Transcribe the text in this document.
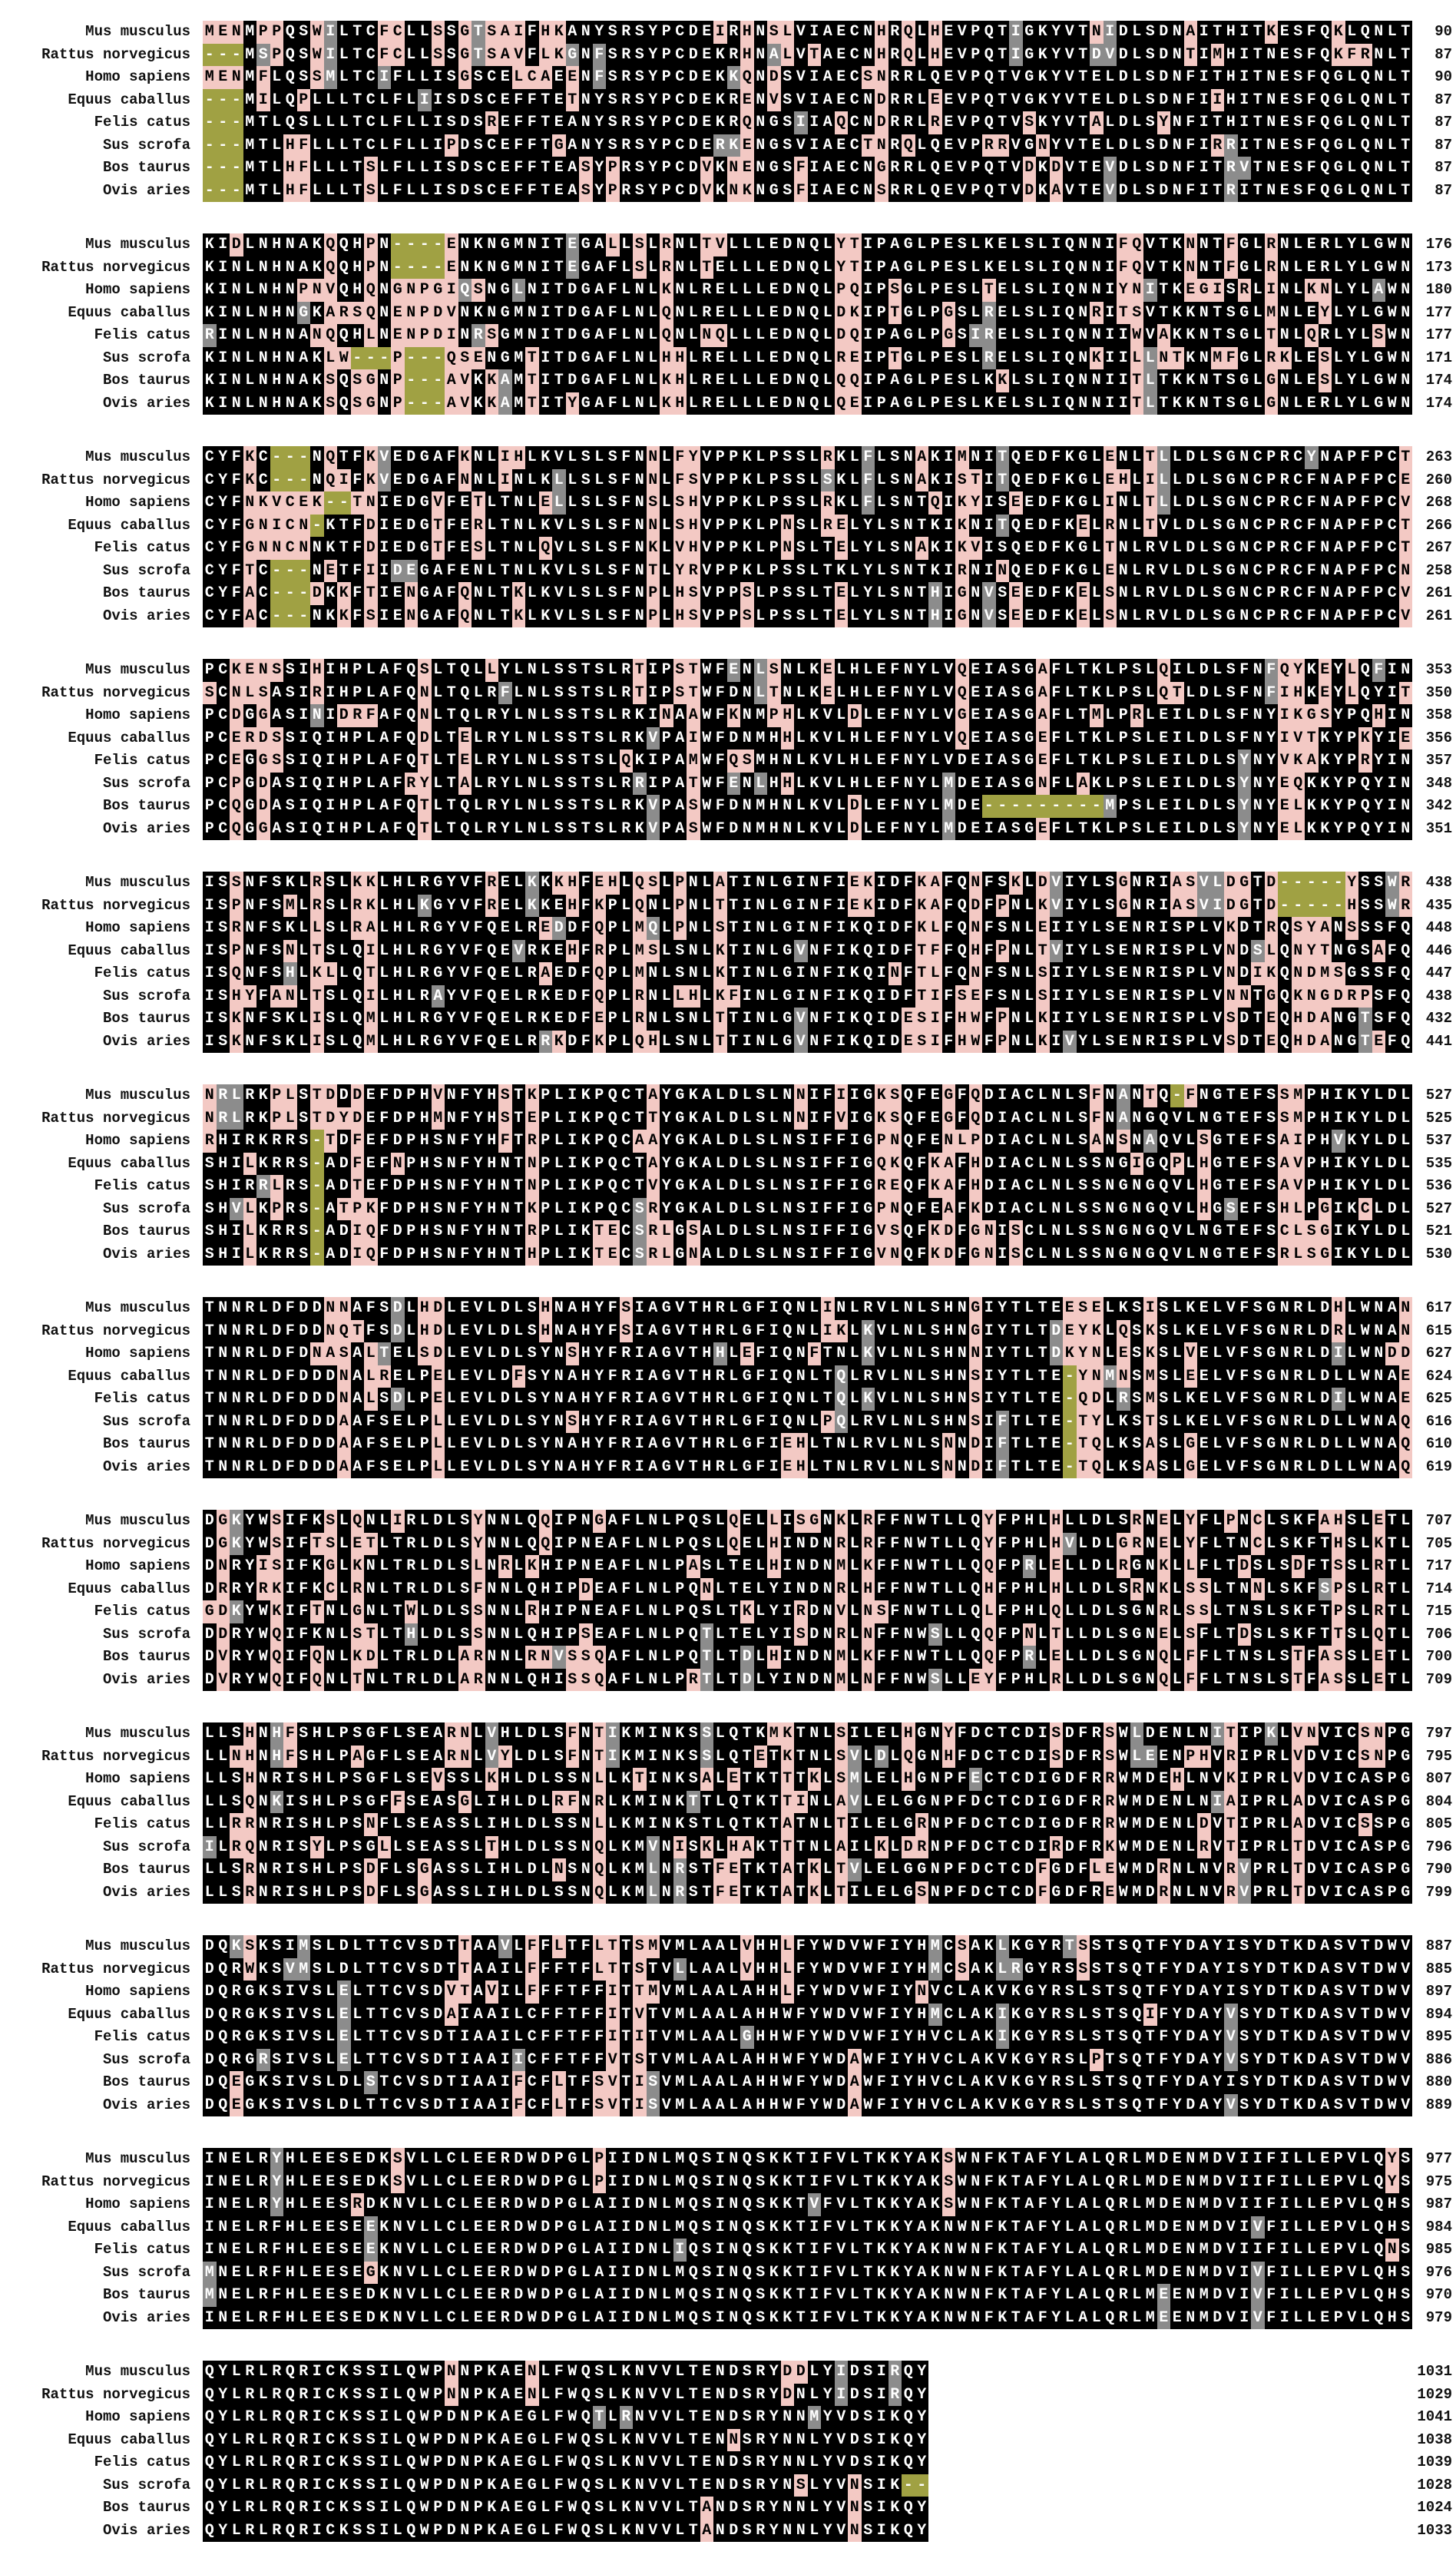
Mus musculus M E N M P P Q S W I L T C F C L L S S G T S A I F H K A N Y S R S Y P C D E I R H N S L V I A E C N H R Q L H E V P Q T I G K Y V T N I D L S D N A I T H I T K E S F Q K L Q N L T	90
Rattus norvegicus - - - M S P Q S W I L T C F C L L S S G T S A V F L K G N F S R S Y P C D E K R H N A L V T A E C N H R Q L H E V P Q T I G K Y V T D V D L S D N T I M H I T N E S F Q K F R N L T	87
Homo sapiens M E N M F L Q S S M L T C I F L L I S G S C E L C A E E N F S R S Y P C D E K K Q N D S V I A E C S N R R L Q E V P Q T V G K Y V T E L D L S D N F I T H I T N E S F Q G L Q N L T	90
Equus caballus - - - M I L Q P L L L T C L F L I I S D S C E F F T E T N Y S R S Y P C D E K R E N V S V I A E C N D R R L E E V P Q T V G K Y V T E L D L S D N F I I H I T N E S F Q G L Q N L T	87
Felis catus - - - M T L Q S L L L T C L F L L I S D S R E F F T E A N Y S R S Y P C D E K R Q N G S I I A Q C N D R R L R E V P Q T V S K Y V T A L D L S Y N F I T H I T N E S F Q G L Q N L T	87
Sus scrofa - - - M T L H F L L L T C L F L L I P D S C E F F T G A N Y S R S Y P C D E R K E N G S V I A E C T N R Q L Q E V P R R V G N Y V T E L D L S D N F I R R I T N E S F Q G L Q N L T	87
Bos taurus - - - M T L H F L L L T S L F L L I S D S C E F F T E A S Y P R S Y P C D V K N E N G S F I A E C N G R R L Q E V P Q T V D K D V T E V D L S D N F I T R V T N E S F Q G L Q N L T	87
Ovis aries - - - M T L H F L L L T S L F L L I S D S C E F F T E A S Y P R S Y P C D V K N K N G S F I A E C N S R R L Q E V P Q T V D K A V T E V D L S D N F I T R I T N E S F Q G L Q N L T	87
Mus musculus K I D L N H N A K Q Q H P N - - - - E N K N G M N I T E G A L L S L R N L T V L L L E D N Q L Y T I P A G L P E S L K E L S L I Q N N I F Q V T K N N T F G L R N L E R L Y L G W N	176
Rattus norvegicus K I N L N H N A K Q Q H P N - - - - E N K N G M N I T E G A F L S L R N L T E L L L E D N Q L Y T I P A G L P E S L K E L S L I Q N N I F Q V T K N N T F G L R N L E R L Y L G W N	173
Homo sapiens K I N L N H N P N V Q H Q N G N P G I Q S N G L N I T D G A F L N L K N L R E L L L E D N Q L P Q I P S G L P E S L T E L S L I Q N N I Y N I T K E G I S R L I N L K N L Y L A W N	180
Equus caballus K I N L N H N G K A R S Q N E N P D V N K N G M N I T D G A F L N L Q N L R E L L L E D N Q L D K I P T G L P G S L R E L S L I Q N R I T S V T K K N T S G L M N L E Y L Y L G W N	177
Felis catus R I N L N H N A N Q Q H L N E N P D I N R S G M N I T D G A F L N L Q N L N Q L L L E D N Q L D Q I P A G L P G S I R E L S L I Q N N I I W V A K K N T S G L T N L Q R L Y L S W N	177
Sus scrofa K I N L N H N A K L W - - - P - - - Q S E N G M T I T D G A F L N L H H L R E L L L E D N Q L R E I P T G L P E S L R E L S L I Q N K I I L L N T K N M F G L R K L E S L Y L G W N	171
Bos taurus K I N L N H N A K S Q S G N P - - - A V K K A M T I T D G A F L N L K H L R E L L L E D N Q L Q Q I P A G L P E S L K K L S L I Q N N I I T L T K K N T S G L G N L E S L Y L G W N	174
Ovis aries K I N L N H N A K S Q S G N P - - - A V K K A M T I T Y G A F L N L K H L R E L L L E D N Q L Q E I P A G L P E S L K E L S L I Q N N I I T L T K K N T S G L G N L E R L Y L G W N	174
Mus musculus C Y F K C - - - N Q T F K V E D G A F K N L I H L K V L S L S F N N L F Y V P P K L P S S L R K L F L S N A K I M N I T Q E D F K G L E N L T L L D L S G N C P R C Y N A P F P C T	263
Rattus norvegicus C Y F K C - - - N Q I F K V E D G A F N N L I N L K L L S L S F N N L F S V P P K L P S S L S K L F L S N A K I S T I T Q E D F K G L E H L I L L D L S G N C P R C F N A P F P C E	260
Homo sapiens C Y F N K V C E K - - T N I E D G V F E T L T N L E L L S L S F N S L S H V P P K L P S S L R K L F L S N T Q I K Y I S E E D F K G L I N L T L L D L S G N C P R C F N A P F P C V	268
Equus caballus C Y F G N I C N - K T F D I E D G T F E R L T N L K V L S L S F N N L S H V P P K L P N S L R E L Y L S N T K I K N I T Q E D F K E L R N L T V L D L S G N C P R C F N A P F P C T	266
Felis catus C Y F G N N C N N K T F D I E D G T F E S L T N L Q V L S L S F N K L V H V P P K L P N S L T E L Y L S N A K I K V I S Q E D F K G L T N L R V L D L S G N C P R C F N A P F P C T	267
Sus scrofa C Y F T C - - - N E T F I I D E G A F E N L T N L K V L S L S F N T L Y R V P P K L P S S L T K L Y L S N T K I R N I N Q E D F K G L E N L R V L D L S G N C P R C F N A P F P C N	258
Bos taurus C Y F A C - - - D K K F T I E N G A F Q N L T K L K V L S L S F N P L H S V P P S L P S S L T E L Y L S N T H I G N V S E E D F K E L S N L R V L D L S G N C P R C F N A P F P C V	261
Ovis aries C Y F A C - - - N K K F S I E N G A F Q N L T K L K V L S L S F N P L H S V P P S L P S S L T E L Y L S N T H I G N V S E E D F K E L S N L R V L D L S G N C P R C F N A P F P C V	261
Mus musculus P C K E N S S I H I H P L A F Q S L T Q L L Y L N L S S T S L R T I P S T W F E N L S N L K E L H L E F N Y L V Q E I A S G A F L T K L P S L Q I L D L S F N F Q Y K E Y L Q F I N	353
Rattus norvegicus S C N L S A S I R I H P L A F Q N L T Q L R F L N L S S T S L R T I P S T W F D N L T N L K E L H L E F N Y L V Q E I A S G A F L T K L P S L Q T L D L S F N F I H K E Y L Q Y I T	350
Homo sapiens P C D G G A S I N I D R F A F Q N L T Q L R Y L N L S S T S L R K I N A A W F K N M P H L K V L D L E F N Y L V G E I A S G A F L T M L P R L E I L D L S F N Y I K G S Y P Q H I N	358
Equus caballus P C E R D S S I Q I H P L A F Q D L T E L R Y L N L S S T S L R K V P A I W F D N M H H L K V L H L E F N Y L V Q E I A S G E F L T K L P S L E I L D L S F N Y I V T K Y P K Y I E	356
Felis catus P C E G G S S I Q I H P L A F Q T L T E L R Y L N L S S T S L Q K I P A M W F Q S M H N L K V L H L E F N Y L V D E I A S G E F L T K L P S L E I L D L S Y N Y V K A K Y P R Y I N	357
Sus scrofa P C P G D A S I Q I H P L A F R Y L T A L R Y L N L S S T S L R R I P A T W F E N L H H L K V L H L E F N Y L M D E I A S G N F L A K L P S L E I L D L S Y N Y E Q K K Y P Q Y I N	348
Bos taurus P C Q G D A S I Q I H P L A F Q T L T Q L R Y L N L S S T S L R K V P A S W F D N M H N L K V L D L E F N Y L M D E - - - - - - - - - M P S L E I L D L S Y N Y E L K K Y P Q Y I N	342
Ovis aries P C Q G G A S I Q I H P L A F Q T L T Q L R Y L N L S S T S L R K V P A S W F D N M H N L K V L D L E F N Y L M D E I A S G E F L T K L P S L E I L D L S Y N Y E L K K Y P Q Y I N	351
Mus musculus I S S N F S K L R S L K K L H L R G Y V F R E L K K K H F E H L Q S L P N L A T I N L G I N F I E K I D F K A F Q N F S K L D V I Y L S G N R I A S V L D G T D - - - - - Y S S W R	438
Rattus norvegicus I S P N F S M L R S L R K L H L K G Y V F R E L K K E H F K P L Q N L P N L T T I N L G I N F I E K I D F K A F Q D F P N L K V I Y L S G N R I A S V I D G T D - - - - - H S S W R	435
Homo sapiens I S R N F S K L L S L R A L H L R G Y V F Q E L R E D D F Q P L M Q L P N L S T I N L G I N F I K Q I D F K L F Q N F S N L E I I Y L S E N R I S P L V K D T R Q S Y A N S S S F Q	448
Equus caballus I S P N F S N L T S L Q I L H L R G Y V F Q E V R K E H F R P L M S L S N L K T I N L G V N F I K Q I D F T F F Q H F P N L T V I Y L S E N R I S P L V N D S L Q N Y T N G S A F Q	446
Felis catus I S Q N F S H L K L L Q T L H L R G Y V F Q E L R A E D F Q P L M N L S N L K T I N L G I N F I K Q I N F T L F Q N F S N L S I I Y L S E N R I S P L V N D I K Q N D M S G S S F Q	447
Sus scrofa I S H Y F A N L T S L Q I L H L R A Y V F Q E L R K E D F Q P L R N L L H L K F I N L G I N F I K Q I D F T I F S E F S N L S I I Y L S E N R I S P L V N N T G Q K N G D R P S F Q	438
Bos taurus I S K N F S K L I S L Q M L H L R G Y V F Q E L R K E D F E P L R N L S N L T T I N L G V N F I K Q I D E S I F H W F P N L K I I Y L S E N R I S P L V S D T E Q H D A N G T S F Q	432
Ovis aries I S K N F S K L I S L Q M L H L R G Y V F Q E L R R K D F K P L Q H L S N L T T I N L G V N F I K Q I D E S I F H W F P N L K I V Y L S E N R I S P L V S D T E Q H D A N G T E F Q	441
Mus musculus N R L R K P L S T D D D E F D P H V N F Y H S T K P L I K P Q C T A Y G K A L D L S L N N I F I I G K S Q F E G F Q D I A C L N L S F N A N T Q - F N G T E F S S M P H I K Y L D L	527
Rattus norvegicus N R L R K P L S T D Y D E F D P H M N F Y H S T E P L I K P Q C T T Y G K A L D L S L N N I F V I G K S Q F E G F Q D I A C L N L S F N A N G Q V L N G T E F S S M P H I K Y L D L	525
Homo sapiens R H I R K R R S - T D F E F D P H S N F Y H F T R P L I K P Q C A A Y G K A L D L S L N S I F F I G P N Q F E N L P D I A C L N L S A N S N A Q V L S G T E F S A I P H V K Y L D L	537
Equus caballus S H I L K R R S - A D F E F N P H S N F Y H N T N P L I K P Q C T A Y G K A L D L S L N S I F F I G Q K Q F K A F H D I A C L N L S S N G I G Q P L H G T E F S A V P H I K Y L D L	535
Felis catus S H I R R L R S - A D T E F D P H S N F Y H N T N P L I K P Q C T V Y G K A L D L S L N S I F F I G R E Q F K A F H D I A C L N L S S N G N G Q V L H G T E F S A V P H I K Y L D L	536
Sus scrofa S H V L K P R S - A T P K F D P H S N F Y H N T K P L I K P Q C S R Y G K A L D L S L N S I F F I G P N Q F E A F K D I A C L N L S S N G N G Q V L H G S E F S H L P G I K C L D L	527
Bos taurus S H I L K R R S - A D I Q F D P H S N F Y H N T R P L I K T E C S R L G S A L D L S L N S I F F I G V S Q F K D F G N I S C L N L S S N G N G Q V L N G T E F S C L S G I K Y L D L	521
Ovis aries S H I L K R R S - A D I Q F D P H S N F Y H N T H P L I K T E C S R L G N A L D L S L N S I F F I G V N Q F K D F G N I S C L N L S S N G N G Q V L N G T E F S R L S G I K Y L D L	530
Mus musculus T N N R L D F D D N N A F S D L H D L E V L D L S H N A H Y F S I A G V T H R L G F I Q N L I N L R V L N L S H N G I Y T L T E E S E L K S I S L K E L V F S G N R L D H L W N A N	617
Rattus norvegicus T N N R L D F D D N Q T F S D L H D L E V L D L S H N A H Y F S I A G V T H R L G F I Q N L I K L K V L N L S H N G I Y T L T D E Y K L Q S K S L K E L V F S G N R L D R L W N A N	615
Homo sapiens T N N R L D F D N A S A L T E L S D L E V L D L S Y N S H Y F R I A G V T H H L E F I Q N F T N L K V L N L S H N N I Y T L T D K Y N L E S K S L V E L V F S G N R L D I L W N D D	627
Equus caballus T N N R L D F D D D N A L R E L P E L E V L D F S Y N A H Y F R I A G V T H R L G F I Q N L T Q L R V L N L S H N S I Y T L T E - Y N M N S M S L E E L V F S G N R L D L L W N A E	624
Felis catus T N N R L D F D D D N A L S D L P E L E V L D L S Y N A H Y F R I A G V T H R L G F I Q N L T Q L K V L N L S H N S I Y T L T E - Q D L R S M S L K E L V F S G N R L D I L W N A E	625
Sus scrofa T N N R L D F D D D A A F S E L P L L E V L D L S Y N S H Y F R I A G V T H R L G F I Q N L P Q L R V L N L S H N S I F T L T E - T Y L K S T S L K E L V F S G N R L D L L W N A Q	616
Bos taurus T N N R L D F D D D A A F S E L P L L E V L D L S Y N A H Y F R I A G V T H R L G F I E H L T N L R V L N L S N N D I F T L T E - T Q L K S A S L G E L V F S G N R L D L L W N A Q	610
Ovis aries T N N R L D F D D D A A F S E L P L L E V L D L S Y N A H Y F R I A G V T H R L G F I E H L T N L R V L N L S N N D I F T L T E - T Q L K S A S L G E L V F S G N R L D L L W N A Q	619
Mus musculus D G K Y W S I F K S L Q N L I R L D L S Y N N L Q Q I P N G A F L N L P Q S L Q E L L I S G N K L R F F N W T L L Q Y F P H L H L L D L S R N E L Y F L P N C L S K F A H S L E T L	707
Rattus norvegicus D G K Y W S I F T S L E T L T R L D L S Y N N L Q Q I P N E A F L N L P Q S L Q E L H I N D N R L R F F N W T L L Q Y F P H L H V L D L G R N E L Y F L T N C L S K F T H S L K T L	705
Homo sapiens D N R Y I S I F K G L K N L T R L D L S L N R L K H I P N E A F L N L P A S L T E L H I N D N M L K F F N W T L L Q Q F P R L E L L D L R G N K L L F L T D S L S D F T S S L R T L	717
Equus caballus D R R Y R K I F K C L R N L T R L D L S F N N L Q H I P D E A F L N L P Q N L T E L Y I N D N R L H F F N W T L L Q H F P H L H L L D L S R N K L S S L T N N L S K F S P S L R T L	714
Felis catus G D K Y W K I F T N L G N L T W L D L S S N N L R H I P N E A F L N L P Q S L T K L Y I R D N V L N S F N W T L L Q L F P H L Q L L D L S G N R L S S L T N S L S K F T P S L R T L	715
Sus scrofa D D R Y W Q I F K N L S T L T H L D L S S N N L Q H I P S E A F L N L P Q T L T E L Y I S D N R L N F F N W S L L Q Q F P N L T L L D L S G N E L S F L T D S L S K F T T S L Q T L	706
Bos taurus D V R Y W Q I F Q N L K D L T R L D L A R N N L R N V S S Q A F L N L P Q T L T D L H I N D N M L K F F N W T L L Q Q F P R L E L L D L S G N Q L F F L T N S L S T F A S S L E T L	700
Ovis aries D V R Y W Q I F Q N L T N L T R L D L A R N N L Q H I S S Q A F L N L P R T L T D L Y I N D N M L N F F N W S L L E Y F P H L R L L D L S G N Q L F F L T N S L S T F A S S L E T L	709
Mus musculus L L S H N H F S H L P S G F L S E A R N L V H L D L S F N T I K M I N K S S L Q T K M K T N L S I L E L H G N Y F D C T C D I S D F R S W L D E N L N I T I P K L V N V I C S N P G	797
Rattus norvegicus L L N H N H F S H L P A G F L S E A R N L V Y L D L S F N T I K M I N K S S L Q T E T K T N L S V L D L Q G N H F D C T C D I S D F R S W L E E N P H V R I P R L V D V I C S N P G	795
Homo sapiens L L S H N R I S H L P S G F L S E V S S L K H L D L S S N L L K T I N K S A L E T K T T T K L S M L E L H G N P F E C T C D I G D F R R W M D E H L N V K I P R L V D V I C A S P G	807
Equus caballus L L S Q N K I S H L P S G F F S E A S G L I H L D L R F N R L K M I N K T T L Q T K T T I N L A V L E L G G N P F D C T C D I G D F R R W M D E N L N I A I P R L A D V I C A S P G	804
Felis catus L L R R N R I S H L P S N F L S E A S S L I H L D L S S N L L K M I N K S T L Q T K T A T N L T I L E L G R N P F D C T C D I G D F R R W M D E N L D V T I P R L A D V I C S S P G	805
Sus scrofa I L R Q N R I S Y L P S G L L S E A S S L T H L D L S S N Q L K M V N I S K L H A K T T T N L A I L K L D R N P F D C T C D I R D F R K W M D E N L R V T I P R L T D V I C A S P G	796
Bos taurus L L S R N R I S H L P S D F L S G A S S L I H L D L N S N Q L K M L N R S T F E T K T A T K L T V L E L G G N P F D C T C D F G D F L E W M D R N L N V R V P R L T D V I C A S P G	790
Ovis aries L L S R N R I S H L P S D F L S G A S S L I H L D L S S N Q L K M L N R S T F E T K T A T K L T I L E L G S N P F D C T C D F G D F R E W M D R N L N V R V P R L T D V I C A S P G	799
Mus musculus D Q K S K S I M S L D L T T C V S D T T A A V L F F L T F L T T S M V M L A A L V H H L F Y W D V W F I Y H M C S A K L K G Y R T S S T S Q T F Y D A Y I S Y D T K D A S V T D W V	887
Rattus norvegicus D Q R W K S V M S L D L T T C V S D T T A A I L F F F T F L T T S T V L L A A L V H H L F Y W D V W F I Y H M C S A K L R G Y R S S S T S Q T F Y D A Y I S Y D T K D A S V T D W V	885
Homo sapiens D Q R G K S I V S L E L T T C V S D V T A V I L F F F T F F I T T M V M L A A L A H H L F Y W D V W F I Y N V C L A K V K G Y R S L S T S Q T F Y D A Y I S Y D T K D A S V T D W V	897
Equus caballus D Q R G K S I V S L E L T T C V S D A I A A I L C F F T F F I T V T V M L A A L A H H W F Y W D V W F I Y H M C L A K I K G Y R S L S T S Q I F Y D A Y V S Y D T K D A S V T D W V	894
Felis catus D Q R G K S I V S L E L T T C V S D T I A A I L C F F T F F I T I T V M L A A L G H H W F Y W D V W F I Y H V C L A K I K G Y R S L S T S Q T F Y D A Y V S Y D T K D A S V T D W V	895
Sus scrofa D Q R G R S I V S L E L T T C V S D T I A A I I C F F T F F V T S T V M L A A L A H H W F Y W D A W F I Y H V C L A K V K G Y R S L P T S Q T F Y D A Y V S Y D T K D A S V T D W V	886
Bos taurus D Q E G K S I V S L D L S T C V S D T I A A I F C F L T F S V T I S V M L A A L A H H W F Y W D A W F I Y H V C L A K V K G Y R S L S T S Q T F Y D A Y I S Y D T K D A S V T D W V	880
Ovis aries D Q E G K S I V S L D L T T C V S D T I A A I F C F L T F S V T I S V M L A A L A H H W F Y W D A W F I Y H V C L A K V K G Y R S L S T S Q T F Y D A Y V S Y D T K D A S V T D W V	889
Mus musculus I N E L R Y H L E E S E D K S V L L C L E E R D W D P G L P I I D N L M Q S I N Q S K K T I F V L T K K Y A K S W N F K T A F Y L A L Q R L M D E N M D V I I F I L L E P V L Q Y S	977
Rattus norvegicus I N E L R Y H L E E S E D K S V L L C L E E R D W D P G L P I I D N L M Q S I N Q S K K T I F V L T K K Y A K S W N F K T A F Y L A L Q R L M D E N M D V I I F I L L E P V L Q Y S	975
Homo sapiens I N E L R Y H L E E S R D K N V L L C L E E R D W D P G L A I I D N L M Q S I N Q S K K T V F V L T K K Y A K S W N F K T A F Y L A L Q R L M D E N M D V I I F I L L E P V L Q H S	987
Equus caballus I N E L R F H L E E S E E K N V L L C L E E R D W D P G L A I I D N L M Q S I N Q S K K T I F V L T K K Y A K N W N F K T A F Y L A L Q R L M D E N M D V I V F I L L E P V L Q H S	984
Felis catus I N E L R F H L E E S E E K N V L L C L E E R D W D P G L A I I D N L I Q S I N Q S K K T I F V L T K K Y A K N W N F K T A F Y L A L Q R L M D E N M D V I I F I L L E P V L Q N S	985
Sus scrofa M N E L R F H L E E S E G K N V L L C L E E R D W D P G L A I I D N L M Q S I N Q S K K T I F V L T K K Y A K N W N F K T A F Y L A L Q R L M D E N M D V I V F I L L E P V L Q H S	976
Bos taurus M N E L R F H L E E S E D K N V L L C L E E R D W D P G L A I I D N L M Q S I N Q S K K T I F V L T K K Y A K N W N F K T A F Y L A L Q R L M E E N M D V I V F I L L E P V L Q H S	970
Ovis aries I N E L R F H L E E S E D K N V L L C L E E R D W D P G L A I I D N L M Q S I N Q S K K T I F V L T K K Y A K N W N F K T A F Y L A L Q R L M E E N M D V I V F I L L E P V L Q H S	979
Mus musculus Q Y L R L R Q R I C K S S I L Q W P N N P K A E N L F W Q S L K N V V L T E N D S R Y D D L Y I D S I R Q Y	1031
Rattus norvegicus Q Y L R L R Q R I C K S S I L Q W P N N P K A E N L F W Q S L K N V V L T E N D S R Y D N L Y I D S I R Q Y	1029
Homo sapiens Q Y L R L R Q R I C K S S I L Q W P D N P K A E G L F W Q T L R N V V L T E N D S R Y N N M Y V D S I K Q Y	1041
Equus caballus Q Y L R L R Q R I C K S S I L Q W P D N P K A E G L F W Q S L K N V V L T E N N S R Y N N L Y V D S I K Q Y	1038
Felis catus Q Y L R L R Q R I C K S S I L Q W P D N P K A E G L F W Q S L K N V V L T E N D S R Y N N L Y V D S I K Q Y	1039
Sus scrofa Q Y L R L R Q R I C K S S I L Q W P D N P K A E G L F W Q S L K N V V L T E N D S R Y N S L Y V N S I K - -	1028
Bos taurus Q Y L R L R Q R I C K S S I L Q W P D N P K A E G L F W Q S L K N V V L T A N D S R Y N N L Y V N S I K Q Y	1024
Ovis aries Q Y L R L R Q R I C K S S I L Q W P D N P K A E G L F W Q S L K N V V L T A N D S R Y N N L Y V N S I K Q Y	1033
